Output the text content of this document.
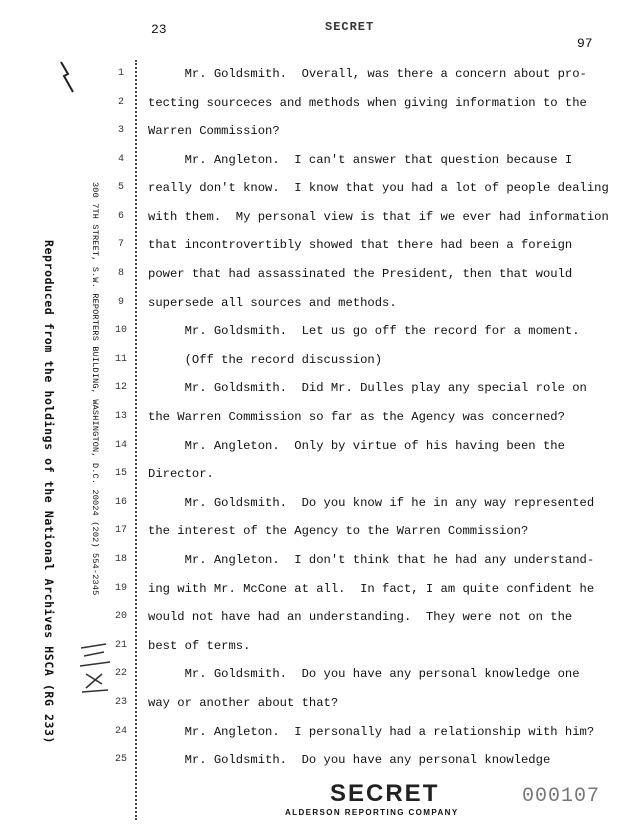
23	SECRET
97
Reproduced from the holdings of the National Archives HSCA (RG 233)	300 7TH STREET, S.W. REPORTERS BUILDING, WASHINGTON, D.C. 20024 (202) 554-2345
1	Mr. Goldsmith.  Overall, was there a concern about pro-
2	tecting sourceces and methods when giving information to the
3	Warren Commission?
4	Mr. Angleton.  I can't answer that question because I
5	really don't know.  I know that you had a lot of people dealing
6	with them.  My personal view is that if we ever had information
7	that incontrovertibly showed that there had been a foreign
8	power that had assassinated the President, then that would
9	supersede all sources and methods.
10 Mr. Goldsmith.  Let us go off the record for a moment.
11 (Off the record discussion)
12 Mr. Goldsmith.  Did Mr. Dulles play any special role on
13 the Warren Commission so far as the Agency was concerned?
14 Mr. Angleton.  Only by virtue of his having been the
15 Director.
16 Mr. Goldsmith.  Do you know if he in any way represented
17 the interest of the Agency to the Warren Commission?
18 Mr. Angleton.  I don't think that he had any understand-
19 ing with Mr. McCone at all.  In fact, I am quite confident he
20 would not have had an understanding.  They were not on the
21 best of terms.
22 Mr. Goldsmith.  Do you have any personal knowledge one
23 way or another about that?
24 Mr. Angleton.  I personally had a relationship with him?
25 Mr. Goldsmith.  Do you have any personal knowledge
SECRET
ALDERSON REPORTING COMPANY
000107
